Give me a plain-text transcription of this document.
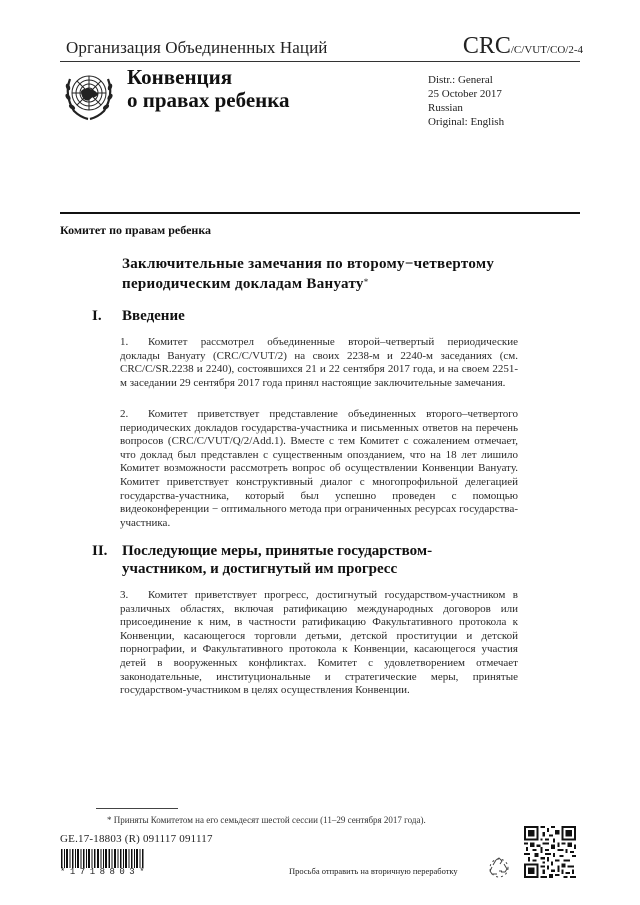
Организация Объединенных Наций	CRC/C/VUT/CO/2-4
Конвенция
о правах ребенка
Distr.: General
25 October 2017
Russian
Original: English
Комитет по правам ребенка
Заключительные замечания по второму−четвертому
периодическим докладам Вануату*
I. Введение
1. Комитет рассмотрел объединенные второй–четвертый периодические доклады Вануату (CRC/C/VUT/2) на своих 2238-м и 2240-м заседаниях (см. CRC/C/SR.2238 и 2240), состоявшихся 21 и 22 сентября 2017 года, и на своем 2251-м заседании 29 сентября 2017 года принял настоящие заключительные замечания.
2. Комитет приветствует представление объединенных второго–четвертого периодических докладов государства-участника и письменных ответов на перечень вопросов (CRC/C/VUT/Q/2/Add.1). Вместе с тем Комитет с сожалением отмечает, что доклад был представлен с существенным опозданием, что на 18 лет лишило Комитет возможности рассмотреть вопрос об осуществлении Конвенции Вануату. Комитет приветствует конструктивный диалог с многопрофильной делегацией государства-участника, который был успешно проведен с помощью видеоконференции − оптимального метода при ограниченных ресурсах государства-участника.
II. Последующие меры, принятые государством-участником, и достигнутый им прогресс
3. Комитет приветствует прогресс, достигнутый государством-участником в различных областях, включая ратификацию международных договоров или присоединение к ним, в частности ратификацию Факультативного протокола к Конвенции, касающегося торговли детьми, детской проституции и детской порнографии, и Факультативного протокола к Конвенции, касающегося участия детей в вооруженных конфликтах. Комитет с удовлетворением отмечает законодательные, институциональные и стратегические меры, принятые государством-участником в целях осуществления Конвенции.
* Приняты Комитетом на его семьдесят шестой сессии (11–29 сентября 2017 года).
GE.17-18803 (R) 091117 091117
*1718803*	Просьба отправить на вторичную переработку
